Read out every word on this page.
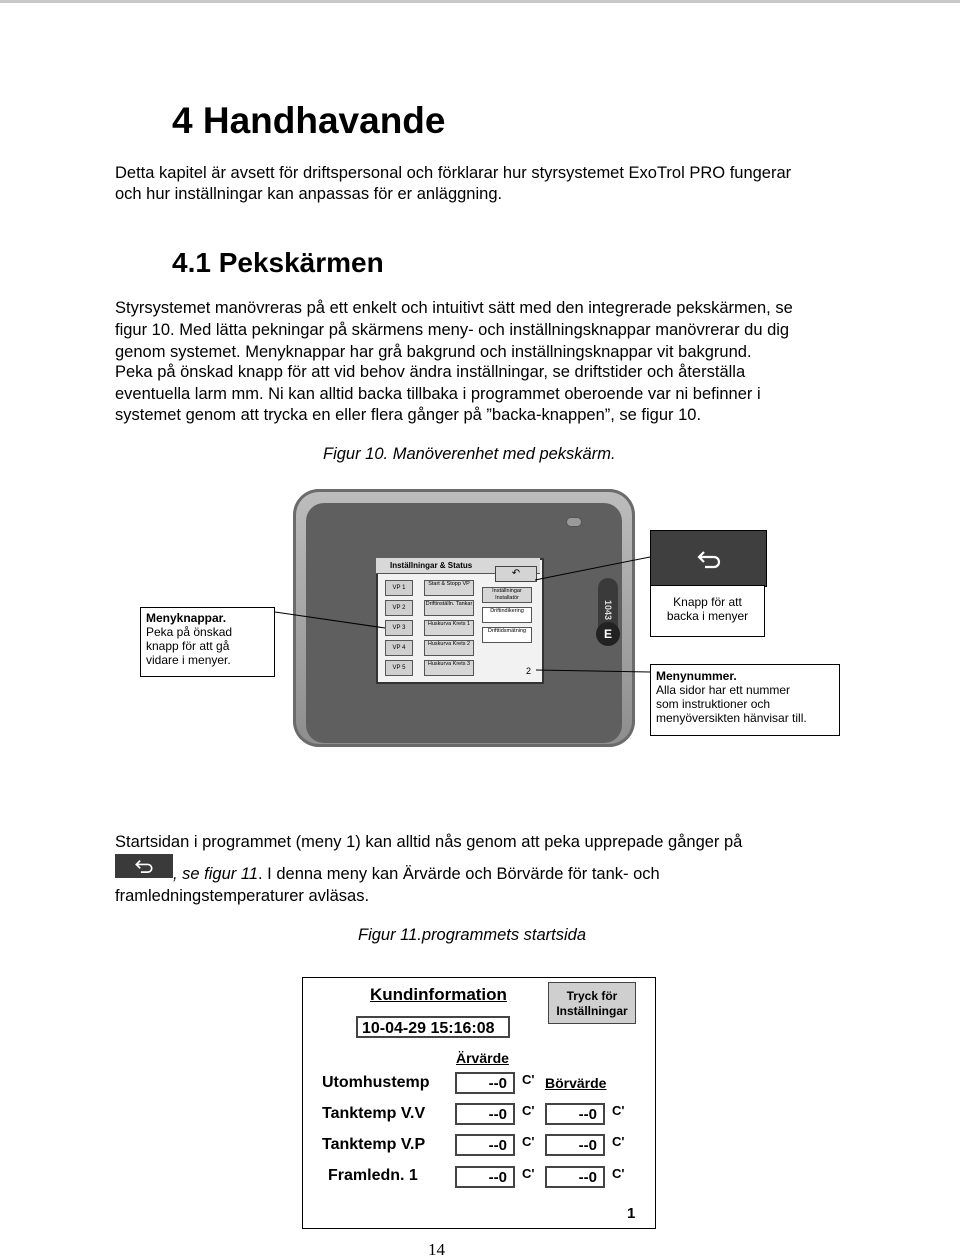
4 Handhavande
Detta kapitel är avsett för driftspersonal och förklarar hur styrsystemet ExoTrol PRO fungerar
och hur inställningar kan anpassas för er anläggning.
4.1 Pekskärmen
Styrsystemet manövreras på ett enkelt och intuitivt sätt med den integrerade pekskärmen, se
figur 10. Med lätta pekningar på skärmens meny- och inställningsknappar manövrerar du dig
genom systemet. Menyknappar har grå bakgrund och inställningsknappar vit bakgrund.
Peka på önskad knapp för att vid behov ändra inställningar, se driftstider och återställa
eventuella larm mm. Ni kan alltid backa tillbaka i programmet oberoende var ni befinner i
systemet genom att trycka en eller flera gånger på ”backa-knappen”, se figur 10.
Figur 10. Manöverenhet med pekskärm.
1043
E
Inställningar & Status
↶
VP 1
VP 2
VP 3
VP 4
VP 5
Start & Stopp VP
Driftinställn. Tankar
Huskurva Krets 1
Huskurva Krets 2
Huskurva Krets 3
Inställningar Installatör
Driftindikering
Drifttidsmätning
2
Menyknappar.
Peka på önskad
knapp för att gå
vidare i menyer.
Knapp för att
backa i menyer
Menynummer.
Alla sidor har ett nummer
som instruktioner och
menyöversikten hänvisar till.
Startsidan i programmet (meny 1) kan alltid nås genom att peka upprepade gånger på
, se figur 11. I denna meny kan Ärvärde och Börvärde för tank- och
framledningstemperaturer avläsas.
Figur 11.programmets startsida
Kundinformation	Tryck för
Inställningar
10-04-29 15:16:08
Ärvärde
Börvärde
Utomhustemp	--0	C'
Tanktemp V.V	--0	C'	--0	C'
Tanktemp V.P	--0	C'	--0	C'
Framledn. 1	--0	C'	--0	C'
1
14
